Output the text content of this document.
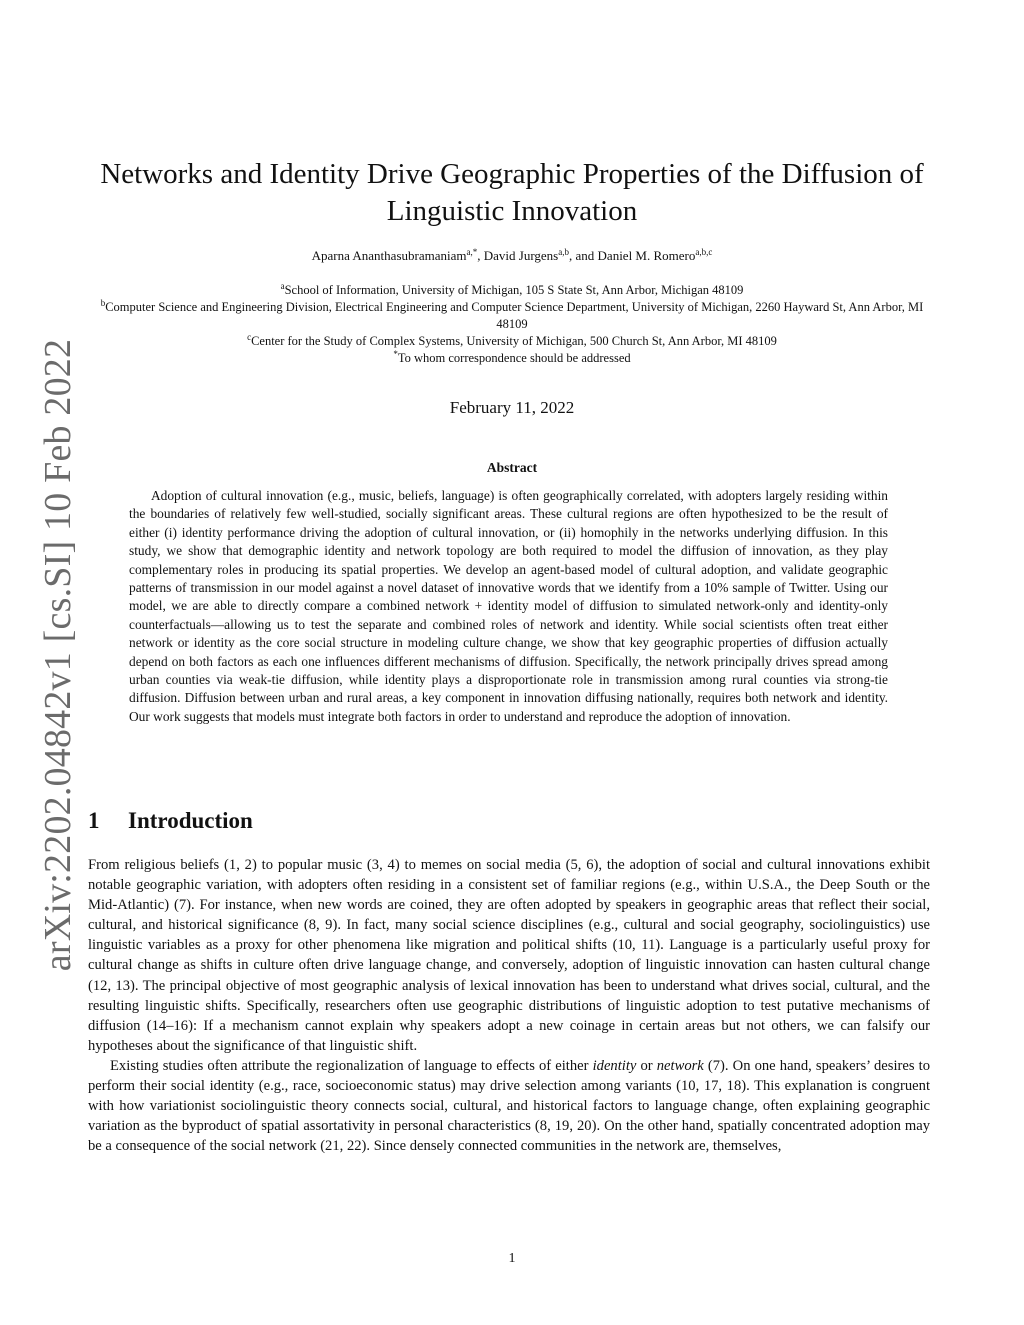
arXiv:2202.04842v1 [cs.SI] 10 Feb 2022
Networks and Identity Drive Geographic Properties of the Diffusion of Linguistic Innovation
Aparna Ananthasubramaniam$^{a,*}$, David Jurgens$^{a,b}$, and Daniel M. Romero$^{a,b,c}$
$^a$School of Information, University of Michigan, 105 S State St, Ann Arbor, Michigan 48109
$^b$Computer Science and Engineering Division, Electrical Engineering and Computer Science Department, University of Michigan, 2260 Hayward St, Ann Arbor, MI 48109
$^c$Center for the Study of Complex Systems, University of Michigan, 500 Church St, Ann Arbor, MI 48109
*To whom correspondence should be addressed
February 11, 2022
Abstract

Adoption of cultural innovation (e.g., music, beliefs, language) is often geographically correlated, with adopters largely residing within the boundaries of relatively few well-studied, socially significant areas. These cultural regions are often hypothesized to be the result of either (i) identity performance driving the adoption of cultural innovation, or (ii) homophily in the networks underlying diffusion. In this study, we show that demographic identity and network topology are both required to model the diffusion of innovation, as they play complementary roles in producing its spatial properties. We develop an agent-based model of cultural adoption, and validate geographic patterns of transmission in our model against a novel dataset of innovative words that we identify from a 10% sample of Twitter. Using our model, we are able to directly compare a combined network + identity model of diffusion to simulated network-only and identity-only counterfactuals—allowing us to test the separate and combined roles of network and identity. While social scientists often treat either network or identity as the core social structure in modeling culture change, we show that key geographic properties of diffusion actually depend on both factors as each one influences different mechanisms of diffusion. Specifically, the network principally drives spread among urban counties via weak-tie diffusion, while identity plays a disproportionate role in transmission among rural counties via strong-tie diffusion. Diffusion between urban and rural areas, a key component in innovation diffusing nationally, requires both network and identity. Our work suggests that models must integrate both factors in order to understand and reproduce the adoption of innovation.

1 Introduction

From religious beliefs (1, 2) to popular music (3, 4) to memes on social media (5, 6), the adoption of social and cultural innovations exhibit notable geographic variation, with adopters often residing in a consistent set of familiar regions (e.g., within U.S.A., the Deep South or the Mid-Atlantic) (7). For instance, when new words are coined, they are often adopted by speakers in geographic areas that reflect their social, cultural, and historical significance (8, 9). In fact, many social science disciplines (e.g., cultural and social geography, sociolinguistics) use linguistic variables as a proxy for other phenomena like migration and political shifts (10, 11). Language is a particularly useful proxy for cultural change as shifts in culture often drive language change, and conversely, adoption of linguistic innovation can hasten cultural change (12, 13). The principal objective of most geographic analysis of lexical innovation has been to understand what drives social, cultural, and the resulting linguistic shifts. Specifically, researchers often use geographic distributions of linguistic adoption to test putative mechanisms of diffusion (14–16): If a mechanism cannot explain why speakers adopt a new coinage in certain areas but not others, we can falsify our hypotheses about the significance of that linguistic shift.

Existing studies often attribute the regionalization of language to effects of either identity or network (7). On one hand, speakers’ desires to perform their social identity (e.g., race, socioeconomic status) may drive selection among variants (10, 17, 18). This explanation is congruent with how variationist sociolinguistic theory connects social, cultural, and historical factors to language change, often explaining geographic variation as the byproduct of spatial assortativity in personal characteristics (8, 19, 20). On the other hand, spatially concentrated adoption may be a consequence of the social network (21, 22). Since densely connected communities in the network are, themselves,

1
